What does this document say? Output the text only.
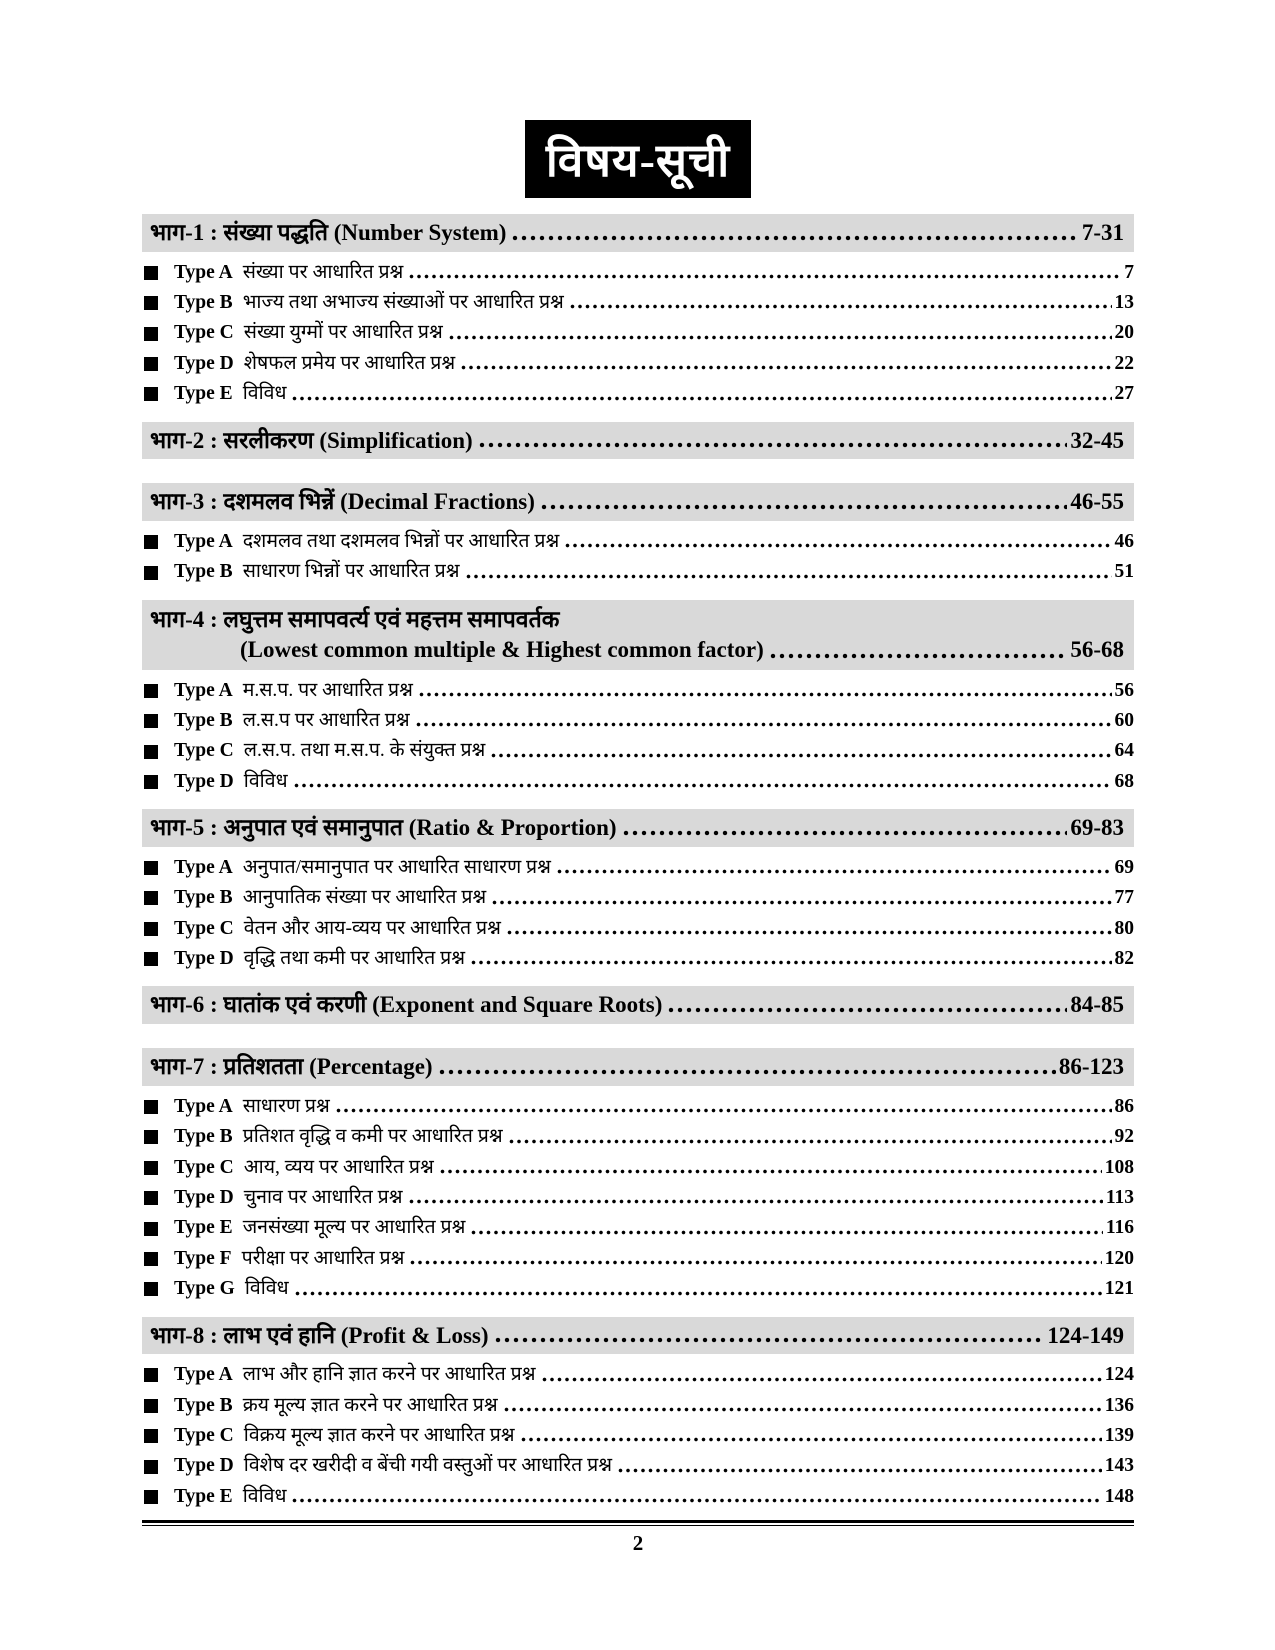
विषय-सूची
भाग-1 : संख्या पद्धति (Number System)	7-31
Type A संख्या पर आधारित प्रश्न	7
Type B भाज्य तथा अभाज्य संख्याओं पर आधारित प्रश्न	13
Type C संख्या युग्मों पर आधारित प्रश्न	20
Type D शेषफल प्रमेय पर आधारित प्रश्न	22
Type E विविध	27
भाग-2 : सरलीकरण (Simplification)	32-45
भाग-3 : दशमलव भिन्नें (Decimal Fractions)	46-55
Type A दशमलव तथा दशमलव भिन्नों पर आधारित प्रश्न	46
Type B साधारण भिन्नों पर आधारित प्रश्न	51
भाग-4 : लघुत्तम समापवर्त्य एवं महत्तम समापवर्तक
(Lowest common multiple & Highest common factor)	56-68
Type A म.स.प. पर आधारित प्रश्न	56
Type B ल.स.प पर आधारित प्रश्न	60
Type C ल.स.प. तथा म.स.प. के संयुक्त प्रश्न	64
Type D विविध	68
भाग-5 : अनुपात एवं समानुपात (Ratio & Proportion)	69-83
Type A अनुपात/समानुपात पर आधारित साधारण प्रश्न	69
Type B आनुपातिक संख्या पर आधारित प्रश्न	77
Type C वेतन और आय-व्यय पर आधारित प्रश्न	80
Type D वृद्धि तथा कमी पर आधारित प्रश्न	82
भाग-6 : घातांक एवं करणी (Exponent and Square Roots)	84-85
भाग-7 : प्रतिशतता (Percentage)	86-123
Type A साधारण प्रश्न	86
Type B प्रतिशत वृद्धि व कमी पर आधारित प्रश्न	92
Type C आय, व्यय पर आधारित प्रश्न	108
Type D चुनाव पर आधारित प्रश्न	113
Type E जनसंख्या मूल्य पर आधारित प्रश्न	116
Type F परीक्षा पर आधारित प्रश्न	120
Type G विविध	121
भाग-8 : लाभ एवं हानि (Profit & Loss)	124-149
Type A लाभ और हानि ज्ञात करने पर आधारित प्रश्न	124
Type B क्रय मूल्य ज्ञात करने पर आधारित प्रश्न	136
Type C विक्रय मूल्य ज्ञात करने पर आधारित प्रश्न	139
Type D विशेष दर खरीदी व बेंची गयी वस्तुओं पर आधारित प्रश्न	143
Type E विविध	148
2
